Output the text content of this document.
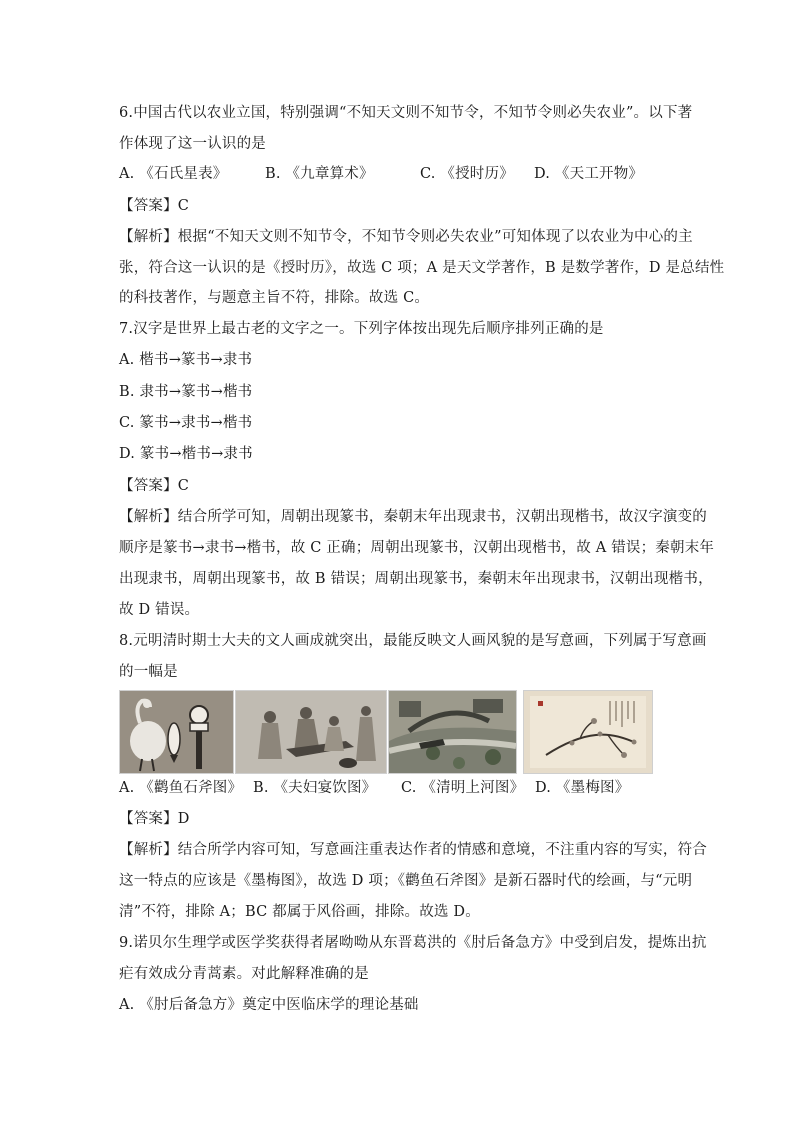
6.中国古代以农业立国，特别强调“不知天文则不知节令，不知节令则必失农业”。以下著
作体现了这一认识的是
A. 《石氏星表》	B. 《九章算术》	C. 《授时历》 D. 《天工开物》
【答案】C
【解析】根据“不知天文则不知节令，不知节令则必失农业”可知体现了以农业为中心的主
张，符合这一认识的是《授时历》，故选 C 项；A 是天文学著作，B 是数学著作，D 是总结性
的科技著作，与题意主旨不符，排除。故选 C。
7.汉字是世界上最古老的文字之一。下列字体按出现先后顺序排列正确的是
A. 楷书→篆书→隶书
B. 隶书→篆书→楷书
C. 篆书→隶书→楷书
D. 篆书→楷书→隶书
【答案】C
【解析】结合所学可知，周朝出现篆书，秦朝末年出现隶书，汉朝出现楷书，故汉字演变的
顺序是篆书→隶书→楷书，故 C 正确；周朝出现篆书，汉朝出现楷书，故 A 错误；秦朝末年
出现隶书，周朝出现篆书，故 B 错误；周朝出现篆书，秦朝末年出现隶书，汉朝出现楷书，
故 D 错误。
8.元明清时期士大夫的文人画成就突出，最能反映文人画风貌的是写意画，下列属于写意画
的一幅是
A. 《鹳鱼石斧图》 B. 《夫妇宴饮图》 C. 《清明上河图》 D. 《墨梅图》
【答案】D
【解析】结合所学内容可知，写意画注重表达作者的情感和意境，不注重内容的写实，符合
这一特点的应该是《墨梅图》，故选 D 项；《鹳鱼石斧图》是新石器时代的绘画，与“元明
清”不符，排除 A；BC 都属于风俗画，排除。故选 D。
9.诺贝尔生理学或医学奖获得者屠呦呦从东晋葛洪的《肘后备急方》中受到启发，提炼出抗
疟有效成分青蒿素。对此解释准确的是
A. 《肘后备急方》奠定中医临床学的理论基础
